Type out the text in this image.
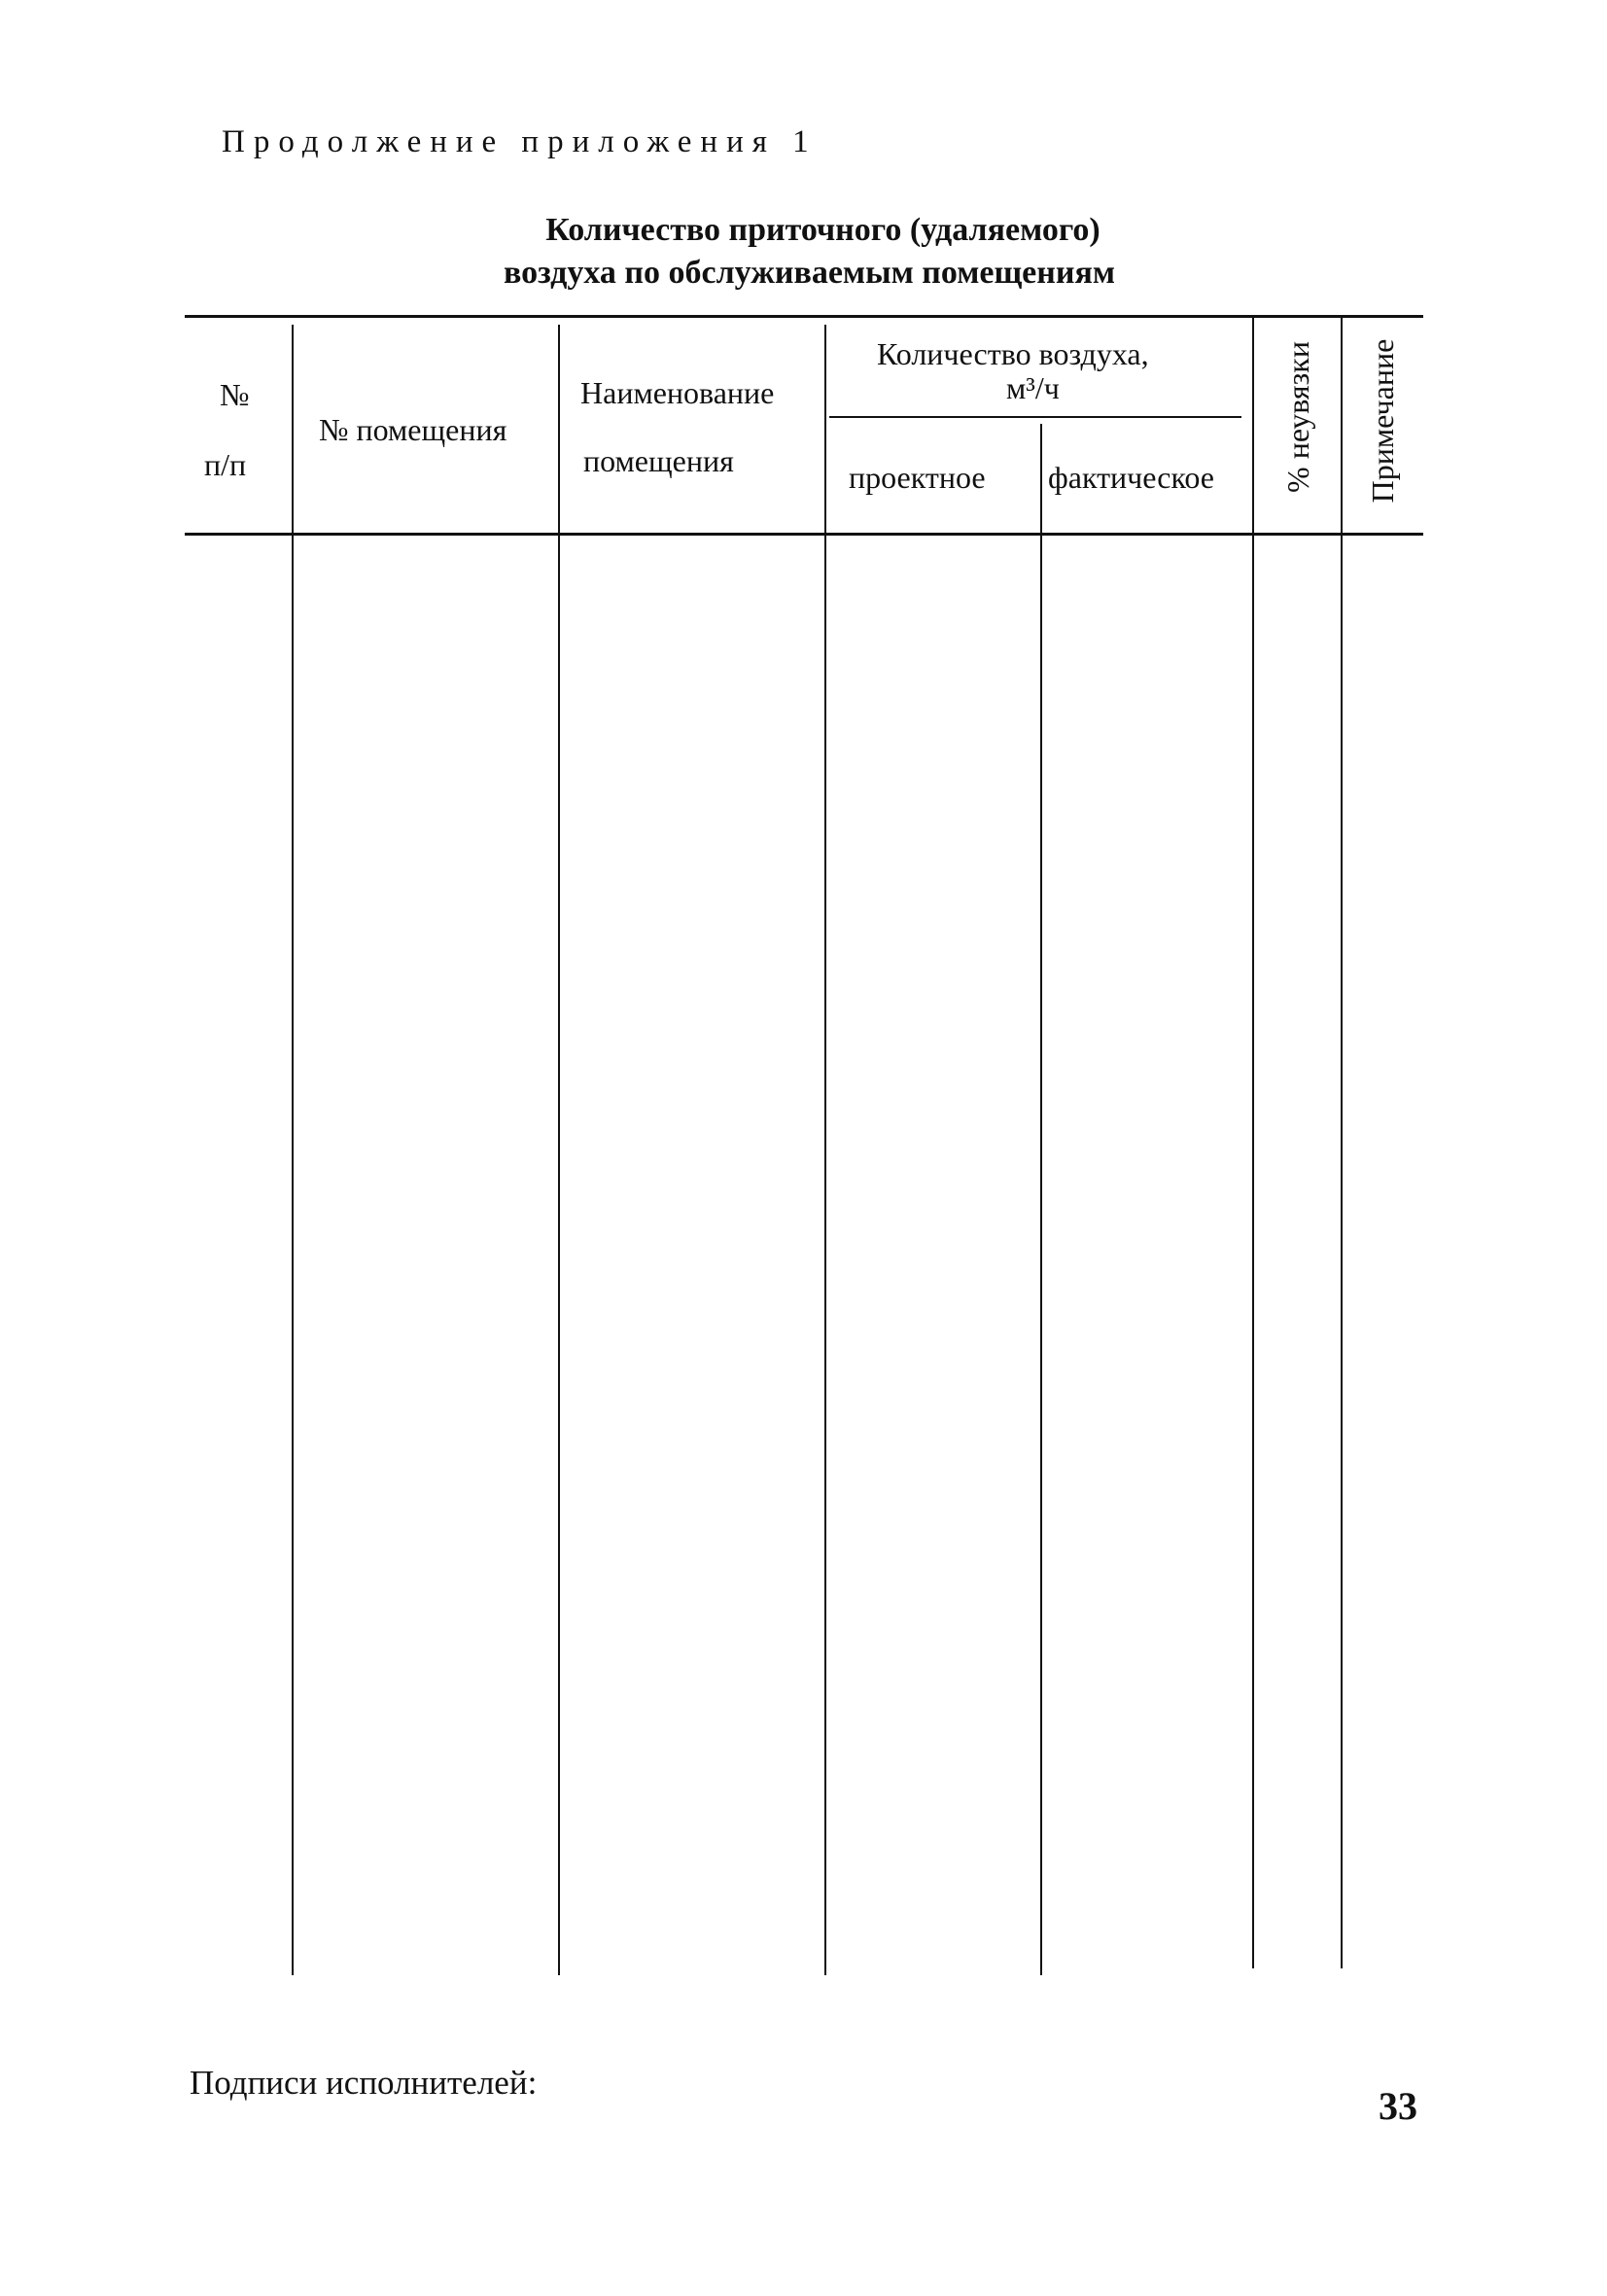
Продолжение приложения 1
Количество приточного (удаляемого)
воздуха по обслуживаемым помещениям
№
п/п
№ помещения
Наименование
помещения
Количество воздуха,
м³/ч
проектное фактическое % неувязки Примечание
Подписи исполнителей:
33
